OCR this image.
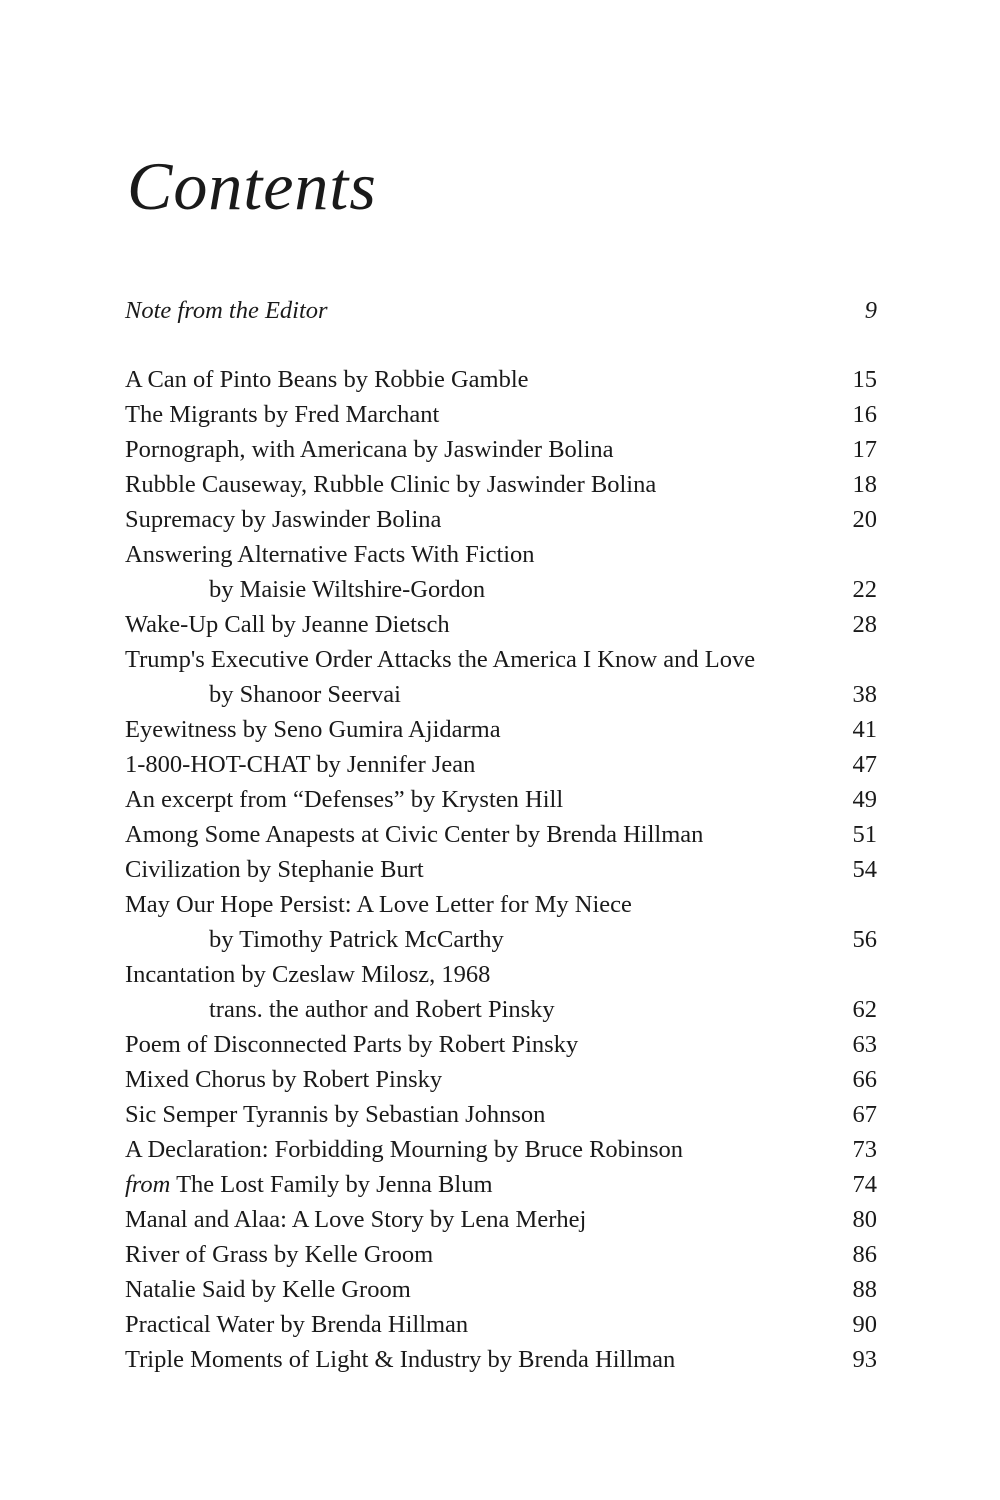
Contents
Note from the Editor	9
A Can of Pinto Beans by Robbie Gamble	15
The Migrants by Fred Marchant	16
Pornograph, with Americana by Jaswinder Bolina	17
Rubble Causeway, Rubble Clinic by Jaswinder Bolina	18
Supremacy by Jaswinder Bolina	20
Answering Alternative Facts With Fiction
by Maisie Wiltshire-Gordon	22
Wake-Up Call by Jeanne Dietsch	28
Trump's Executive Order Attacks the America I Know and Love
by Shanoor Seervai	38
Eyewitness by Seno Gumira Ajidarma	41
1-800-HOT-CHAT by Jennifer Jean	47
An excerpt from “Defenses” by Krysten Hill	49
Among Some Anapests at Civic Center by Brenda Hillman	51
Civilization by Stephanie Burt	54
May Our Hope Persist: A Love Letter for My Niece
by Timothy Patrick McCarthy	56
Incantation by Czeslaw Milosz, 1968
trans. the author and Robert Pinsky	62
Poem of Disconnected Parts by Robert Pinsky	63
Mixed Chorus by Robert Pinsky	66
Sic Semper Tyrannis by Sebastian Johnson	67
A Declaration: Forbidding Mourning by Bruce Robinson	73
from The Lost Family by Jenna Blum	74
Manal and Alaa: A Love Story by Lena Merhej	80
River of Grass by Kelle Groom	86
Natalie Said by Kelle Groom	88
Practical Water by Brenda Hillman	90
Triple Moments of Light & Industry by Brenda Hillman	93
